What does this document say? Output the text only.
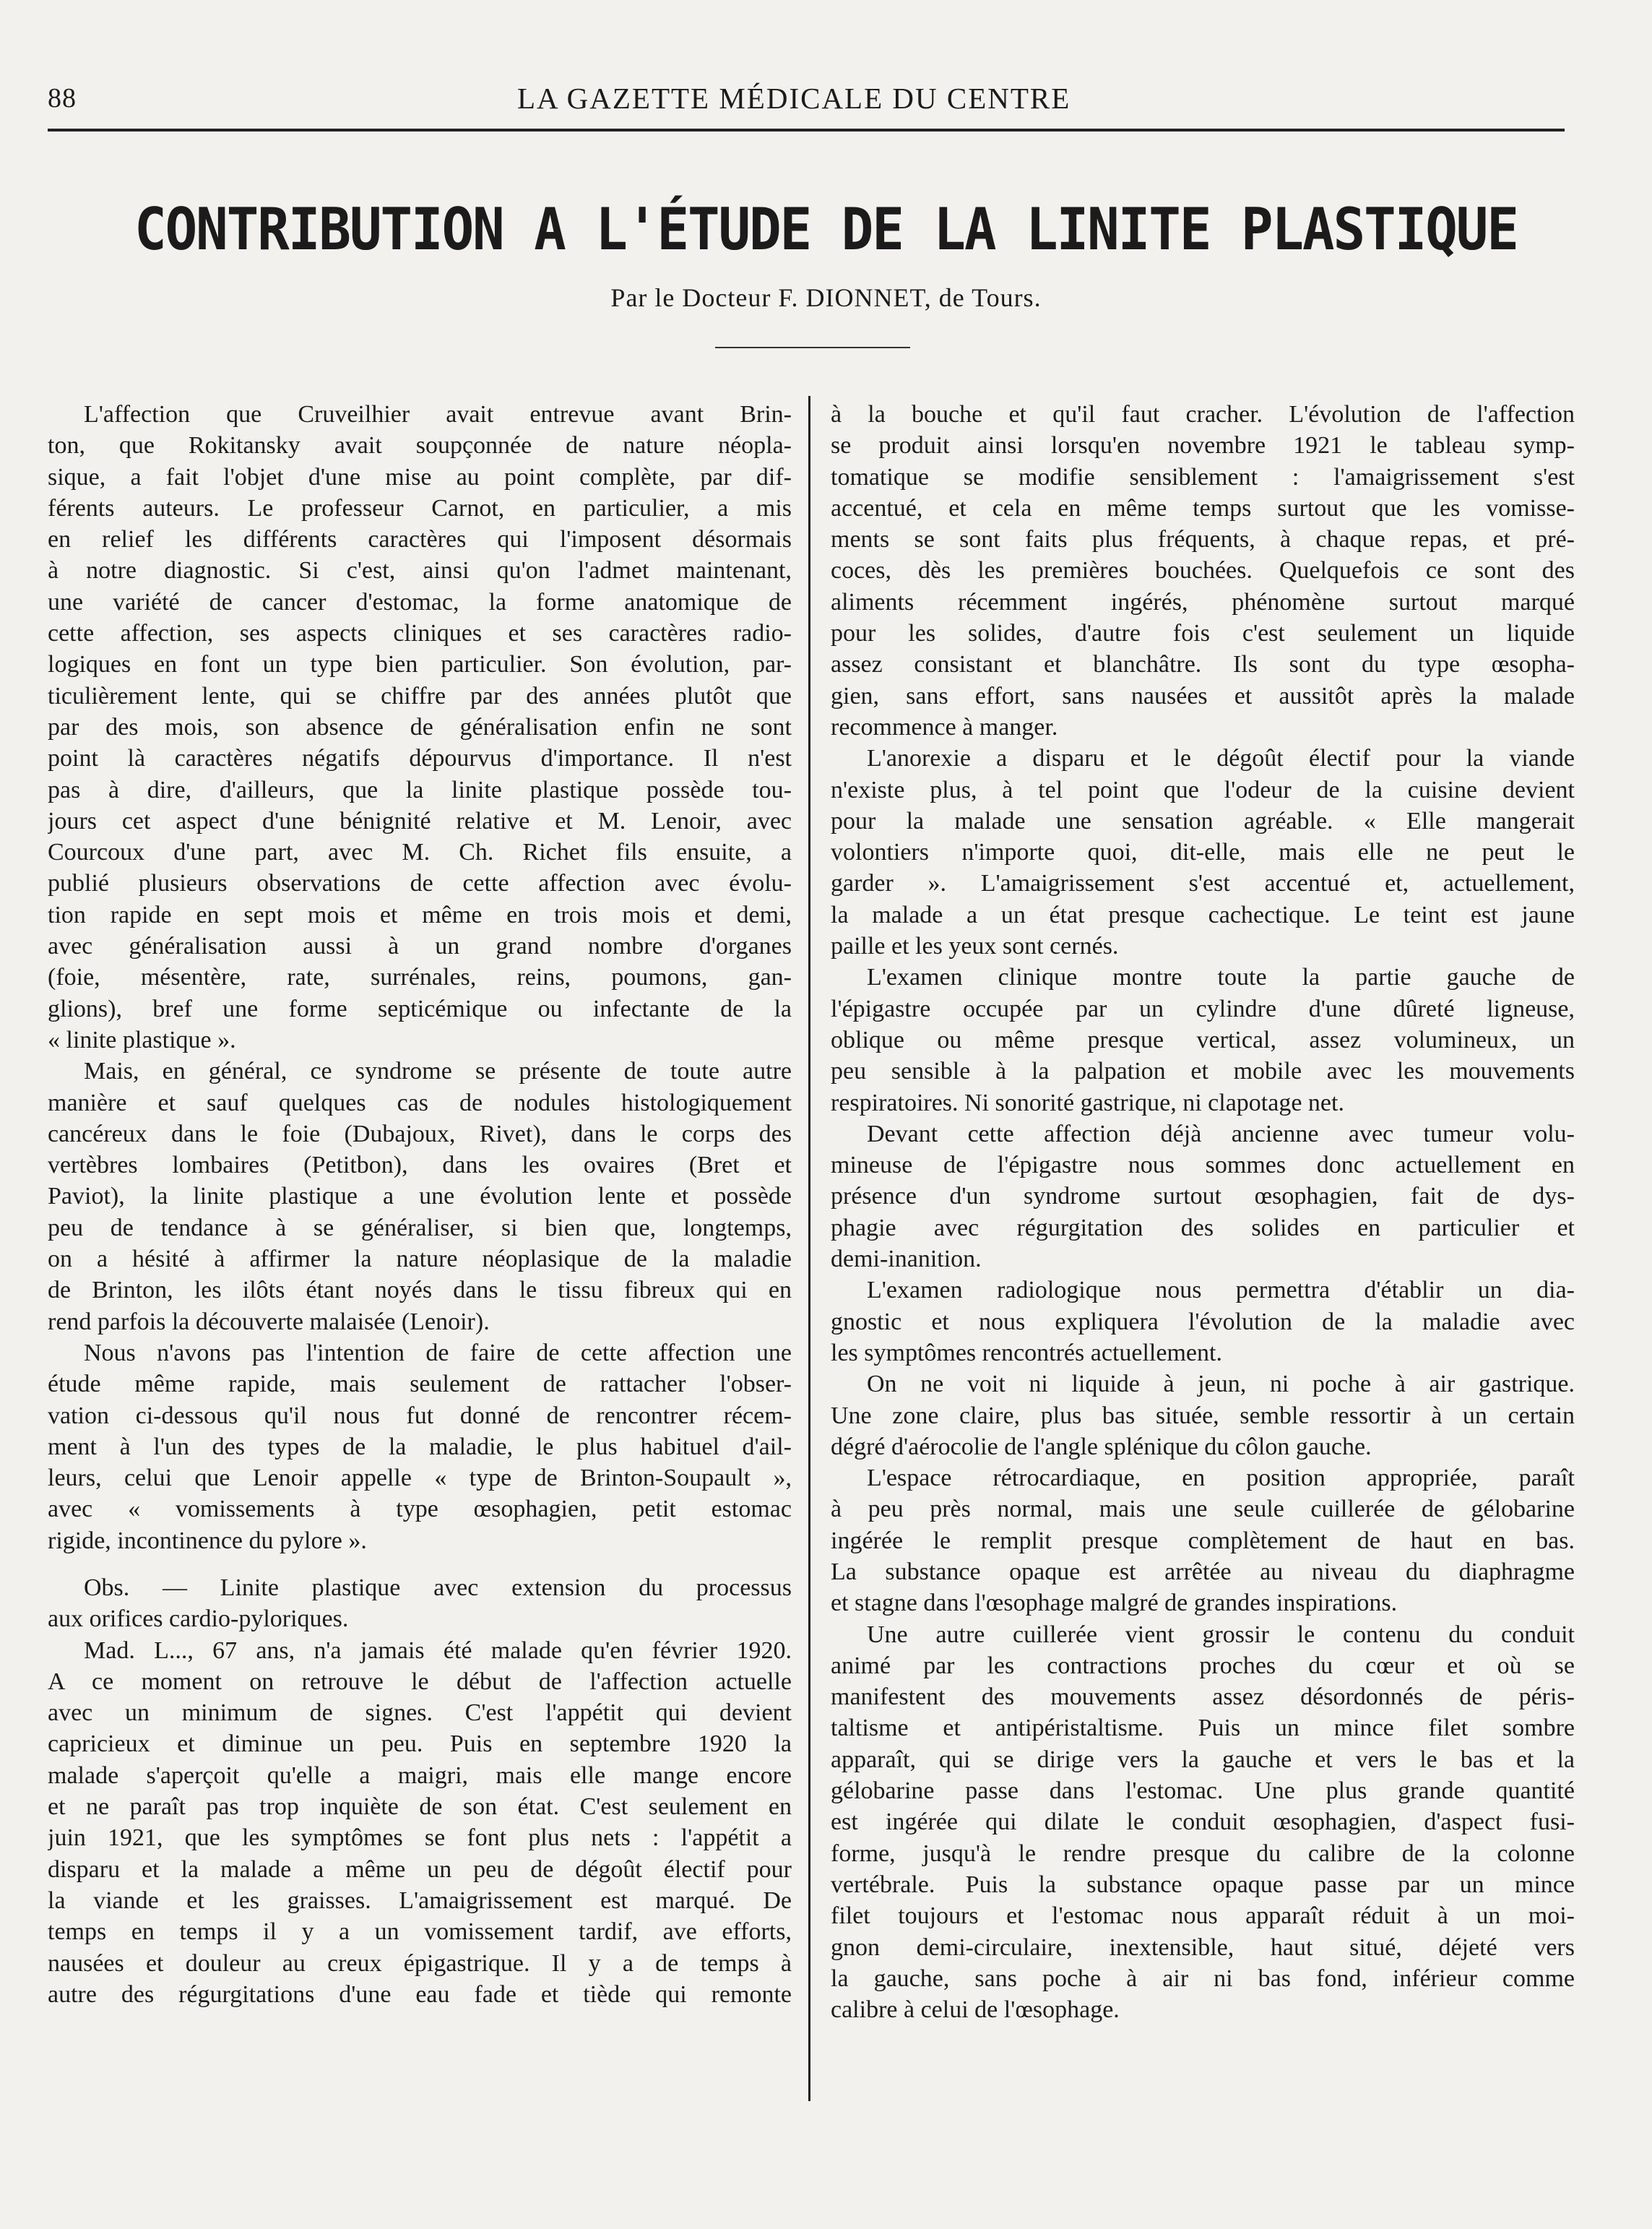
88	LA GAZETTE MÉDICALE DU CENTRE
CONTRIBUTION A L'ÉTUDE DE LA LINITE PLASTIQUE
Par le Docteur F. DIONNET, de Tours.
L'affection que Cruveilhier avait entrevue avant Brin-
ton, que Rokitansky avait soupçonnée de nature néopla-
sique, a fait l'objet d'une mise au point complète, par dif-
férents auteurs. Le professeur Carnot, en particulier, a mis
en relief les différents caractères qui l'imposent désormais
à notre diagnostic. Si c'est, ainsi qu'on l'admet maintenant,
une variété de cancer d'estomac, la forme anatomique de
cette affection, ses aspects cliniques et ses caractères radio-
logiques en font un type bien particulier. Son évolution, par-
ticulièrement lente, qui se chiffre par des années plutôt que
par des mois, son absence de généralisation enfin ne sont
point là caractères négatifs dépourvus d'importance. Il n'est
pas à dire, d'ailleurs, que la linite plastique possède tou-
jours cet aspect d'une bénignité relative et M. Lenoir, avec
Courcoux d'une part, avec M. Ch. Richet fils ensuite, a
publié plusieurs observations de cette affection avec évolu-
tion rapide en sept mois et même en trois mois et demi,
avec généralisation aussi à un grand nombre d'organes
(foie, mésentère, rate, surrénales, reins, poumons, gan-
glions), bref une forme septicémique ou infectante de la
« linite plastique ».
Mais, en général, ce syndrome se présente de toute autre
manière et sauf quelques cas de nodules histologiquement
cancéreux dans le foie (Dubajoux, Rivet), dans le corps des
vertèbres lombaires (Petitbon), dans les ovaires (Bret et
Paviot), la linite plastique a une évolution lente et possède
peu de tendance à se généraliser, si bien que, longtemps,
on a hésité à affirmer la nature néoplasique de la maladie
de Brinton, les ilôts étant noyés dans le tissu fibreux qui en
rend parfois la découverte malaisée (Lenoir).
Nous n'avons pas l'intention de faire de cette affection une
étude même rapide, mais seulement de rattacher l'obser-
vation ci-dessous qu'il nous fut donné de rencontrer récem-
ment à l'un des types de la maladie, le plus habituel d'ail-
leurs, celui que Lenoir appelle « type de Brinton-Soupault »,
avec « vomissements à type œsophagien, petit estomac
rigide, incontinence du pylore ».
Obs. — Linite plastique avec extension du processus
aux orifices cardio-pyloriques.
Mad. L..., 67 ans, n'a jamais été malade qu'en février 1920.
A ce moment on retrouve le début de l'affection actuelle
avec un minimum de signes. C'est l'appétit qui devient
capricieux et diminue un peu. Puis en septembre 1920 la
malade s'aperçoit qu'elle a maigri, mais elle mange encore
et ne paraît pas trop inquiète de son état. C'est seulement en
juin 1921, que les symptômes se font plus nets : l'appétit a
disparu et la malade a même un peu de dégoût électif pour
la viande et les graisses. L'amaigrissement est marqué. De
temps en temps il y a un vomissement tardif, ave efforts,
nausées et douleur au creux épigastrique. Il y a de temps à
autre des régurgitations d'une eau fade et tiède qui remonte
à la bouche et qu'il faut cracher. L'évolution de l'affection
se produit ainsi lorsqu'en novembre 1921 le tableau symp-
tomatique se modifie sensiblement : l'amaigrissement s'est
accentué, et cela en même temps surtout que les vomisse-
ments se sont faits plus fréquents, à chaque repas, et pré-
coces, dès les premières bouchées. Quelquefois ce sont des
aliments récemment ingérés, phénomène surtout marqué
pour les solides, d'autre fois c'est seulement un liquide
assez consistant et blanchâtre. Ils sont du type œsopha-
gien, sans effort, sans nausées et aussitôt après la malade
recommence à manger.
L'anorexie a disparu et le dégoût électif pour la viande
n'existe plus, à tel point que l'odeur de la cuisine devient
pour la malade une sensation agréable. « Elle mangerait
volontiers n'importe quoi, dit-elle, mais elle ne peut le
garder ». L'amaigrissement s'est accentué et, actuellement,
la malade a un état presque cachectique. Le teint est jaune
paille et les yeux sont cernés.
L'examen clinique montre toute la partie gauche de
l'épigastre occupée par un cylindre d'une dûreté ligneuse,
oblique ou même presque vertical, assez volumineux, un
peu sensible à la palpation et mobile avec les mouvements
respiratoires. Ni sonorité gastrique, ni clapotage net.
Devant cette affection déjà ancienne avec tumeur volu-
mineuse de l'épigastre nous sommes donc actuellement en
présence d'un syndrome surtout œsophagien, fait de dys-
phagie avec régurgitation des solides en particulier et
demi-inanition.
L'examen radiologique nous permettra d'établir un dia-
gnostic et nous expliquera l'évolution de la maladie avec
les symptômes rencontrés actuellement.
On ne voit ni liquide à jeun, ni poche à air gastrique.
Une zone claire, plus bas située, semble ressortir à un certain
dégré d'aérocolie de l'angle splénique du côlon gauche.
L'espace rétrocardiaque, en position appropriée, paraît
à peu près normal, mais une seule cuillerée de gélobarine
ingérée le remplit presque complètement de haut en bas.
La substance opaque est arrêtée au niveau du diaphragme
et stagne dans l'œsophage malgré de grandes inspirations.
Une autre cuillerée vient grossir le contenu du conduit
animé par les contractions proches du cœur et où se
manifestent des mouvements assez désordonnés de péris-
taltisme et antipéristaltisme. Puis un mince filet sombre
apparaît, qui se dirige vers la gauche et vers le bas et la
gélobarine passe dans l'estomac. Une plus grande quantité
est ingérée qui dilate le conduit œsophagien, d'aspect fusi-
forme, jusqu'à le rendre presque du calibre de la colonne
vertébrale. Puis la substance opaque passe par un mince
filet toujours et l'estomac nous apparaît réduit à un moi-
gnon demi-circulaire, inextensible, haut situé, déjeté vers
la gauche, sans poche à air ni bas fond, inférieur comme
calibre à celui de l'œsophage.
